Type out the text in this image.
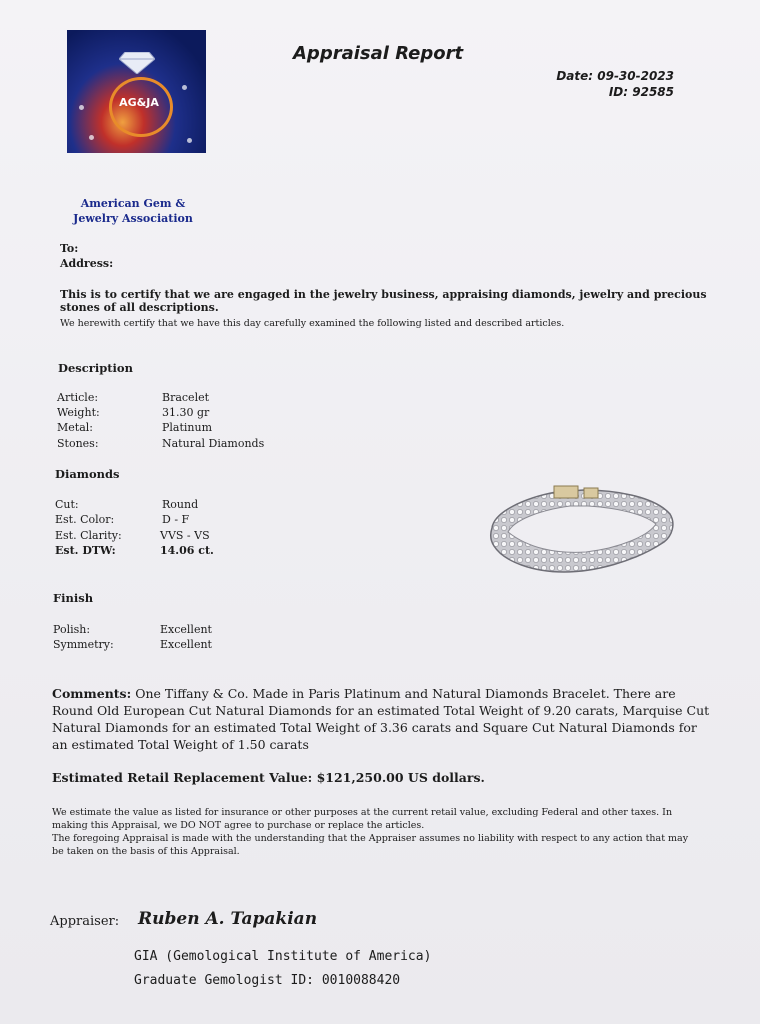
AG&JA
Appraisal Report
Date: 09-30-2023
ID: 92585
American Gem & Jewelry Association
To:
Address:
This is to certify that we are engaged in the jewelry business, appraising diamonds, jewelry and precious
stones of all descriptions.
We herewith certify that we have this day carefully examined the following listed and described articles.
Description
Article:	Bracelet
Weight:	31.30 gr
Metal:	Platinum
Stones:	Natural Diamonds
Diamonds
Cut:	Round
Est. Color:	D - F
Est. Clarity:	VVS - VS
Est. DTW:	14.06 ct.
Finish
Polish:	Excellent
Symmetry:	Excellent
Comments: One Tiffany & Co. Made in Paris Platinum and Natural Diamonds Bracelet. There are Round Old European Cut Natural Diamonds for an estimated Total Weight of 9.20 carats, Marquise Cut Natural Diamonds for an estimated Total Weight of 3.36 carats and Square Cut Natural Diamonds for an estimated Total Weight of 1.50 carats
Estimated Retail Replacement Value: $121,250.00 US dollars.
We estimate the value as listed for insurance or other purposes at the current retail value, excluding Federal and other taxes. In making this Appraisal, we DO NOT agree to purchase or replace the articles.
The foregoing Appraisal is made with the understanding that the Appraiser assumes no liability with respect to any action that may be taken on the basis of this Appraisal.
Appraiser: Ruben A. Tapakian
GIA (Gemological Institute of America)
Graduate Gemologist ID: 0010088420
